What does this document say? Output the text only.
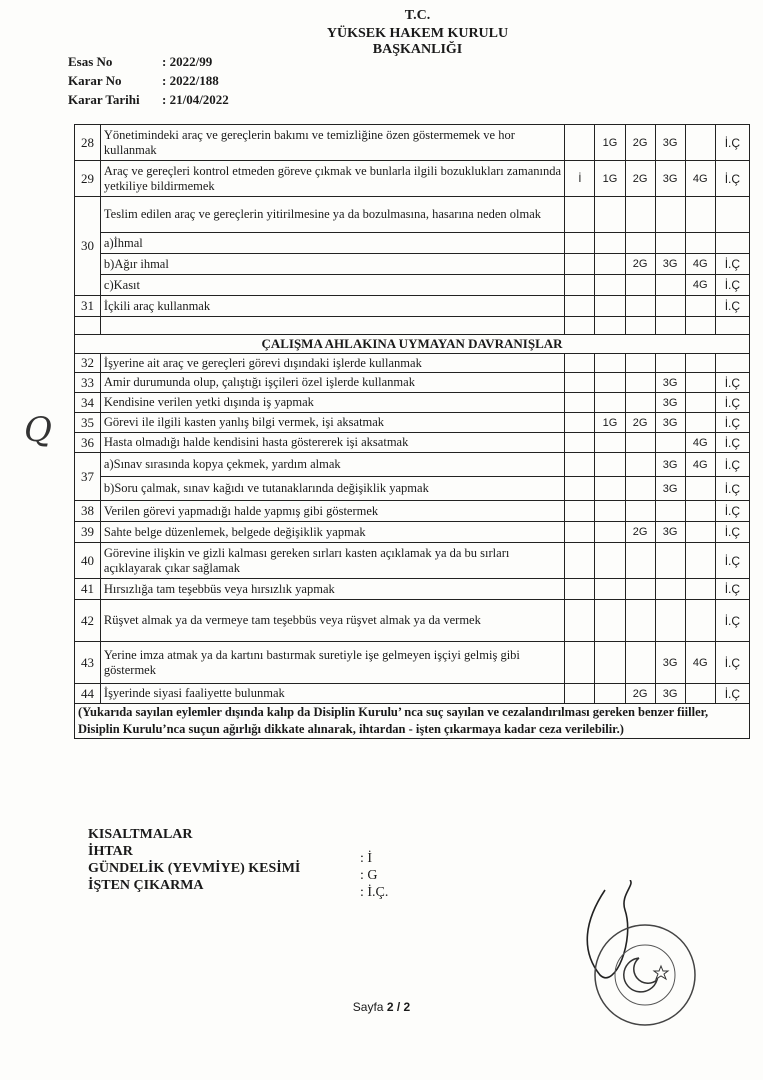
T.C.
YÜKSEK HAKEM KURULU
BAŞKANLIĞI
Esas No	: 2022/99
Karar No	: 2022/188
Karar Tarihi : 21/04/2022
Q
28	Yönetimindeki araç ve gereçlerin bakımı ve temizliğine özen göstermemek ve hor kullanmak		1G	2G	3G		İ.Ç
29	Araç ve gereçleri kontrol etmeden göreve çıkmak ve bunlarla ilgili bozuklukları zamanında yetkiliye bildirmemek	İ	1G	2G	3G	4G	İ.Ç
30	Teslim edilen araç ve gereçlerin yitirilmesine ya da bozulmasına, hasarına neden olmak						
	a)İhmal						
	b)Ağır ihmal			2G	3G	4G	İ.Ç
	c)Kasıt					4G	İ.Ç
31	İçkili araç kullanmak						İ.Ç

ÇALIŞMA AHLAKINA UYMAYAN DAVRANIŞLAR							
32	İşyerine ait araç ve gereçleri görevi dışındaki işlerde kullanmak						
33	Amir durumunda olup, çalıştığı işçileri özel işlerde kullanmak				3G		İ.Ç
34	Kendisine verilen yetki dışında iş yapmak				3G		İ.Ç
35	Görevi ile ilgili kasten yanlış bilgi vermek, işi aksatmak		1G	2G	3G		İ.Ç
36	Hasta olmadığı halde kendisini hasta göstererek işi aksatmak					4G	İ.Ç
37	a)Sınav sırasında kopya çekmek, yardım almak				3G	4G	İ.Ç
	b)Soru çalmak, sınav kağıdı ve tutanaklarında değişiklik yapmak				3G		İ.Ç
38	Verilen görevi yapmadığı halde yapmış gibi göstermek						İ.Ç
39	Sahte belge düzenlemek, belgede değişiklik yapmak			2G	3G		İ.Ç
40	Görevine ilişkin ve gizli kalması gereken sırları kasten açıklamak ya da bu sırları açıklayarak çıkar sağlamak						İ.Ç
41	Hırsızlığa tam teşebbüs veya hırsızlık yapmak						İ.Ç
42	Rüşvet almak ya da vermeye tam teşebbüs veya rüşvet almak ya da vermek						İ.Ç
43	Yerine imza atmak ya da kartını bastırmak suretiyle işe gelmeyen işçiyi gelmiş gibi göstermek				3G	4G	İ.Ç
44	İşyerinde siyasi faaliyette bulunmak			2G	3G		İ.Ç
(Yukarıda sayılan eylemler dışında kalıp da Disiplin Kurulu’ nca suç sayılan ve cezalandırılması gereken benzer fiiller, Disiplin Kurulu’nca suçun ağırlığı dikkate alınarak, ihtardan - işten çıkarmaya kadar ceza verilebilir.)							
KISALTMALAR
İHTAR
GÜNDELİK (YEVMİYE) KESİMİ
İŞTEN ÇIKARMA
: İ
: G
: İ.Ç.
Sayfa 2 / 2
